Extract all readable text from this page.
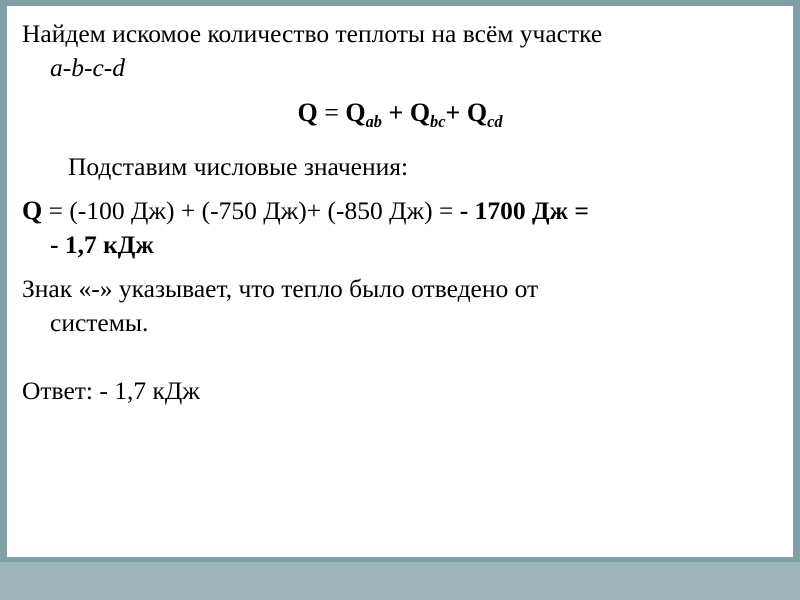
Найдем искомое количество теплоты на всём участке
a-b-c-d
$Q = Q_{ab} + Q_{bc}+ Q_{cd}$
Подставим числовые значения:
Q = (-100 Дж) + (-750 Дж)+ (-850 Дж) = - 1700 Дж =
- 1,7 кДж
Знак «-» указывает, что тепло было отведено от
системы.
Ответ: - 1,7 кДж
